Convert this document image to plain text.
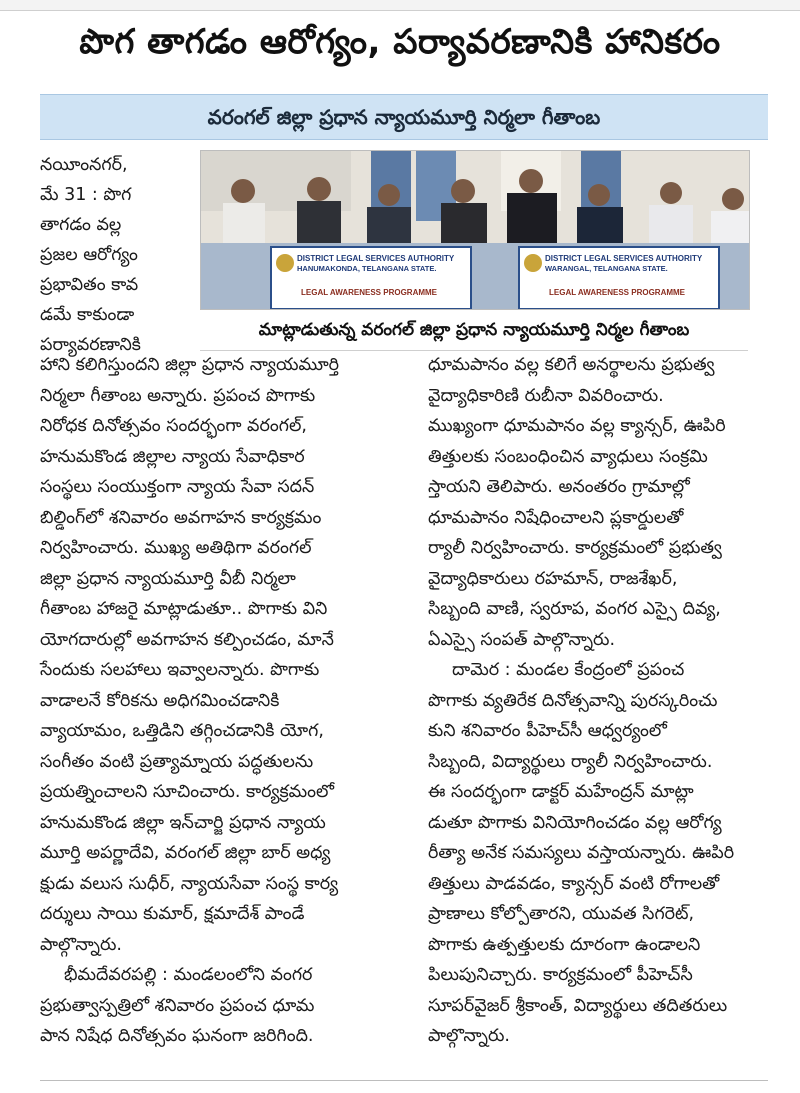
పొగ తాగడం ఆరోగ్యం, పర్యావరణానికి హానికరం
వరంగల్ జిల్లా ప్రధాన న్యాయమూర్తి నిర్మలా గీతాంబ

నయీంనగర్,

మే 31 : పొగ

తాగడం వల్ల

ప్రజల ఆరోగ్యం

ప్రభావితం కావ

డమే కాకుండా

పర్యావరణానికి

DISTRICT LEGAL SERVICES AUTHORITY
HANUMAKONDA, TELANGANA STATE.
LEGAL AWARENESS PROGRAMME
DISTRICT LEGAL SERVICES AUTHORITY
WARANGAL, TELANGANA STATE.
LEGAL AWARENESS PROGRAMME
మాట్లాడుతున్న వరంగల్ జిల్లా ప్రధాన న్యాయమూర్తి నిర్మల గీతాంబ

హాని కలిగిస్తుందని జిల్లా ప్రధాన న్యాయమూర్తి

నిర్మలా గీతాంబ అన్నారు. ప్రపంచ పొగాకు

నిరోధక దినోత్సవం సందర్భంగా వరంగల్,

హనుమకొండ జిల్లాల న్యాయ సేవాధికార

సంస్థలు సంయుక్తంగా న్యాయ సేవా సదన్

బిల్డింగ్‌లో శనివారం అవగాహన కార్యక్రమం

నిర్వహించారు. ముఖ్య అతిథిగా వరంగల్

జిల్లా ప్రధాన న్యాయమూర్తి వీబీ నిర్మలా

గీతాంబ హాజరై మాట్లాడుతూ.. పొగాకు విని

యోగదారుల్లో అవగాహన కల్పించడం, మానే

సేందుకు సలహాలు ఇవ్వాలన్నారు. పొగాకు

వాడాలనే కోరికను అధిగమించడానికి

వ్యాయామం, ఒత్తిడిని తగ్గించడానికి యోగ,

సంగీతం వంటి ప్రత్యామ్నాయ పద్ధతులను

ప్రయత్నించాలని సూచించారు. కార్యక్రమంలో

హనుమకొండ జిల్లా ఇన్‌చార్జి ప్రధాన న్యాయ

మూర్తి అపర్ణాదేవి, వరంగల్ జిల్లా బార్ అధ్య

క్షుడు వలుస సుధీర్, న్యాయసేవా సంస్థ కార్య

దర్శులు సాయి కుమార్, క్షమాదేశ్ పాండే

పాల్గొన్నారు.

భీమదేవరపల్లి : మండలంలోని వంగర

ప్రభుత్వాస్పత్రిలో శనివారం ప్రపంచ ధూమ

పాన నిషేధ దినోత్సవం ఘనంగా జరిగింది.

ధూమపానం వల్ల కలిగే అనర్థాలను ప్రభుత్వ

వైద్యాధికారిణి రుబీనా వివరించారు.

ముఖ్యంగా ధూమపానం వల్ల క్యాన్సర్, ఊపిరి

తిత్తులకు సంబంధించిన వ్యాధులు సంక్రమి

స్తాయని తెలిపారు. అనంతరం గ్రామాల్లో

ధూమపానం నిషేధించాలని ప్లకార్డులతో

ర్యాలీ నిర్వహించారు. కార్యక్రమంలో ప్రభుత్వ

వైద్యాధికారులు రహమాన్, రాజశేఖర్,

సిబ్బంది వాణి, స్వరూప, వంగర ఎస్సై దివ్య,

ఏఎస్సై సంపత్ పాల్గొన్నారు.

దామెర : మండల కేంద్రంలో ప్రపంచ

పొగాకు వ్యతిరేక దినోత్సవాన్ని పురస్కరించు

కుని శనివారం పీహెచ్‌సీ ఆధ్వర్యంలో

సిబ్బంది, విద్యార్థులు ర్యాలీ నిర్వహించారు.

ఈ సందర్భంగా డాక్టర్ మహేంద్రన్ మాట్లా

డుతూ పొగాకు వినియోగించడం వల్ల ఆరోగ్య

రీత్యా అనేక సమస్యలు వస్తాయన్నారు. ఊపిరి

తిత్తులు పాడవడం, క్యాన్సర్ వంటి రోగాలతో

ప్రాణాలు కోల్పోతారని, యువత సిగరెట్,

పొగాకు ఉత్పత్తులకు దూరంగా ఉండాలని

పిలుపునిచ్చారు. కార్యక్రమంలో పీహెచ్‌సీ

సూపర్‌వైజర్ శ్రీకాంత్, విద్యార్థులు తదితరులు

పాల్గొన్నారు.
